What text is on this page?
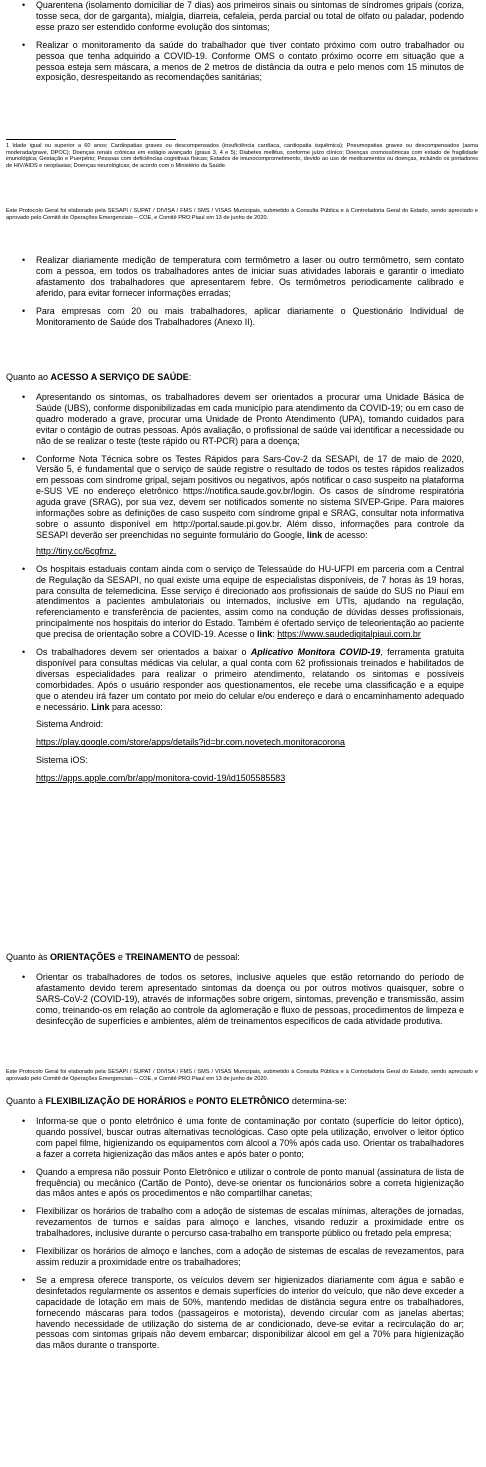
• Quarentena (isolamento domiciliar de 7 dias) aos primeiros sinais ou sintomas de síndromes gripais (coriza, tosse seca, dor de garganta), mialgia, diarreia, cefaleia, perda parcial ou total de olfato ou paladar, podendo esse prazo ser estendido conforme evolução dos sintomas;
• Realizar o monitoramento da saúde do trabalhador que tiver contato próximo com outro trabalhador ou pessoa que tenha adquirido a COVID-19. Conforme OMS o contato próximo ocorre em situação que a pessoa esteja sem máscara, a menos de 2 metros de distância da outra e pelo menos com 15 minutos de exposição, desrespeitando as recomendações sanitárias;
1 Idade igual ou superior a 60 anos; Cardiopatias graves ou descompensados (insuficiência cardíaca, cardiopatia isquêmica); Pneumopatias graves ou descompensados (asma moderada/grave, DPOC); Doenças renais crônicas em estágio avançado (graus 3, 4 e 5); Diabetes mellitus, conforme juízo clínico; Doenças cromossômicas com estado de fragilidade imunológica; Gestação e Puerpério; Pessoas com deficiências cognitivas físicas; Estados de imunocomprometimento, devido ao uso de medicamentos ou doenças, incluindo os portadores de HIV/AIDS e neoplasias; Doenças neurológicas; de acordo com o Ministério da Saúde.
Este Protocolo Geral foi elaborado pela SESAPI / SUPAT / DIVISA / FMS / SMS / VISAS Municipais, submetido à Consulta Pública e à Controladoria Geral do Estado, sendo apreciado e aprovado pelo Comitê de Operações Emergenciais – COE, e Comitê PRO Piauí em 13 de junho de 2020.
• Realizar diariamente medição de temperatura com termômetro a laser ou outro termômetro, sem contato com a pessoa, em todos os trabalhadores antes de iniciar suas atividades laborais e garantir o imediato afastamento dos trabalhadores que apresentarem febre. Os termômetros periodicamente calibrado e aferido, para evitar fornecer informações erradas;
• Para empresas com 20 ou mais trabalhadores, aplicar diariamente o Questionário Individual de Monitoramento de Saúde dos Trabalhadores (Anexo II).

Quanto ao ACESSO A SERVIÇO DE SAÚDE:

• Apresentando os sintomas, os trabalhadores devem ser orientados a procurar uma Unidade Básica de Saúde (UBS), conforme disponibilizadas em cada município para atendimento da COVID-19; ou em caso de quadro moderado a grave, procurar uma Unidade de Pronto Atendimento (UPA), tomando cuidados para evitar o contágio de outras pessoas. Após avaliação, o profissional de saúde vai identificar a necessidade ou não de se realizar o teste (teste rápido ou RT-PCR) para a doença;
• Conforme Nota Técnica sobre os Testes Rápidos para Sars-Cov-2 da SESAPI, de 17 de maio de 2020, Versão 5, é fundamental que o serviço de saúde registre o resultado de todos os testes rápidos realizados em pessoas com síndrome gripal, sejam positivos ou negativos, após notificar o caso suspeito na plataforma e-SUS VE no endereço eletrônico https://notifica.saude.gov.br/login. Os casos de síndrome respiratória aguda grave (SRAG), por sua vez, devem ser notificados somente no sistema SIVEP-Gripe. Para maiores informações sobre as definições de caso suspeito com síndrome gripal e SRAG, consultar nota informativa sobre o assunto disponível em http://portal.saude.pi.gov.br. Além disso, informações para controle da SESAPI deverão ser preenchidas no seguinte formulário do Google, link de acesso:

http://tiny.cc/6cgfmz.

• Os hospitais estaduais contam ainda com o serviço de Telessaúde do HU-UFPI em parceria com a Central de Regulação da SESAPI, no qual existe uma equipe de especialistas disponíveis, de 7 horas às 19 horas, para consulta de telemedicina. Esse serviço é direcionado aos profissionais de saúde do SUS no Piauí em atendimentos a pacientes ambulatoriais ou internados, inclusive em UTIs, ajudando na regulação, referenciamento e transferência de pacientes, assim como na condução de dúvidas desses profissionais, principalmente nos hospitais do interior do Estado. Também é ofertado serviço de teleorientação ao paciente que precisa de orientação sobre a COVID-19. Acesse o link: https://www.saudedigitalpiaui.com.br
• Os trabalhadores devem ser orientados a baixar o Aplicativo Monitora COVID-19, ferramenta gratuita disponível para consultas médicas via celular, a qual conta com 62 profissionais treinados e habilitados de diversas especialidades para realizar o primeiro atendimento, relatando os sintomas e possíveis comorbidades. Após o usuário responder aos questionamentos, ele recebe uma classificação e a equipe que o atendeu irá fazer um contato por meio do celular e/ou endereço e dará o encaminhamento adequado e necessário. Link para acesso:

Sistema Android:

https://play.google.com/store/apps/details?id=br.com.novetech.monitoracorona

Sistema iOS:

https://apps.apple.com/br/app/monitora-covid-19/id1505585583

Quanto às ORIENTAÇÕES e TREINAMENTO de pessoal:

• Orientar os trabalhadores de todos os setores, inclusive aqueles que estão retornando do período de afastamento devido terem apresentado sintomas da doença ou por outros motivos quaisquer, sobre o SARS-CoV-2 (COVID-19), através de informações sobre origem, sintomas, prevenção e transmissão, assim como, treinando-os em relação ao controle da aglomeração e fluxo de pessoas, procedimentos de limpeza e desinfecção de superfícies e ambientes, além de treinamentos específicos de cada atividade produtiva.
Este Protocolo Geral foi elaborado pela SESAPI / SUPAT / DIVISA / FMS / SMS / VISAS Municipais, submetido à Consulta Pública e à Controladoria Geral do Estado, sendo apreciado e aprovado pelo Comitê de Operações Emergenciais – COE, e Comitê PRO Piauí em 13 de junho de 2020.

Quanto à FLEXIBILIZAÇÃO DE HORÁRIOS e PONTO ELETRÔNICO determina-se:

• Informa-se que o ponto eletrônico é uma fonte de contaminação por contato (superfície do leitor óptico), quando possível, buscar outras alternativas tecnológicas. Caso opte pela utilização, envolver o leitor óptico com papel filme, higienizando os equipamentos com álcool a 70% após cada uso. Orientar os trabalhadores a fazer a correta higienização das mãos antes e após bater o ponto;
• Quando a empresa não possuir Ponto Eletrônico e utilizar o controle de ponto manual (assinatura de lista de frequência) ou mecânico (Cartão de Ponto), deve-se orientar os funcionários sobre a correta higienização das mãos antes e após os procedimentos e não compartilhar canetas;
• Flexibilizar os horários de trabalho com a adoção de sistemas de escalas mínimas, alterações de jornadas, revezamentos de turnos e saídas para almoço e lanches, visando reduzir a proximidade entre os trabalhadores, inclusive durante o percurso casa-trabalho em transporte público ou fretado pela empresa;
• Flexibilizar os horários de almoço e lanches, com a adoção de sistemas de escalas de revezamentos, para assim reduzir a proximidade entre os trabalhadores;
• Se a empresa oferece transporte, os veículos devem ser higienizados diariamente com água e sabão e desinfetados regularmente os assentos e demais superfícies do interior do veículo, que não deve exceder a capacidade de lotação em mais de 50%, mantendo medidas de distância segura entre os trabalhadores, fornecendo máscaras para todos (passageiros e motorista), devendo circular com as janelas abertas; havendo necessidade de utilização do sistema de ar condicionado, deve-se evitar a recirculação do ar; pessoas com sintomas gripais não devem embarcar; disponibilizar álcool em gel a 70% para higienização das mãos durante o transporte.
